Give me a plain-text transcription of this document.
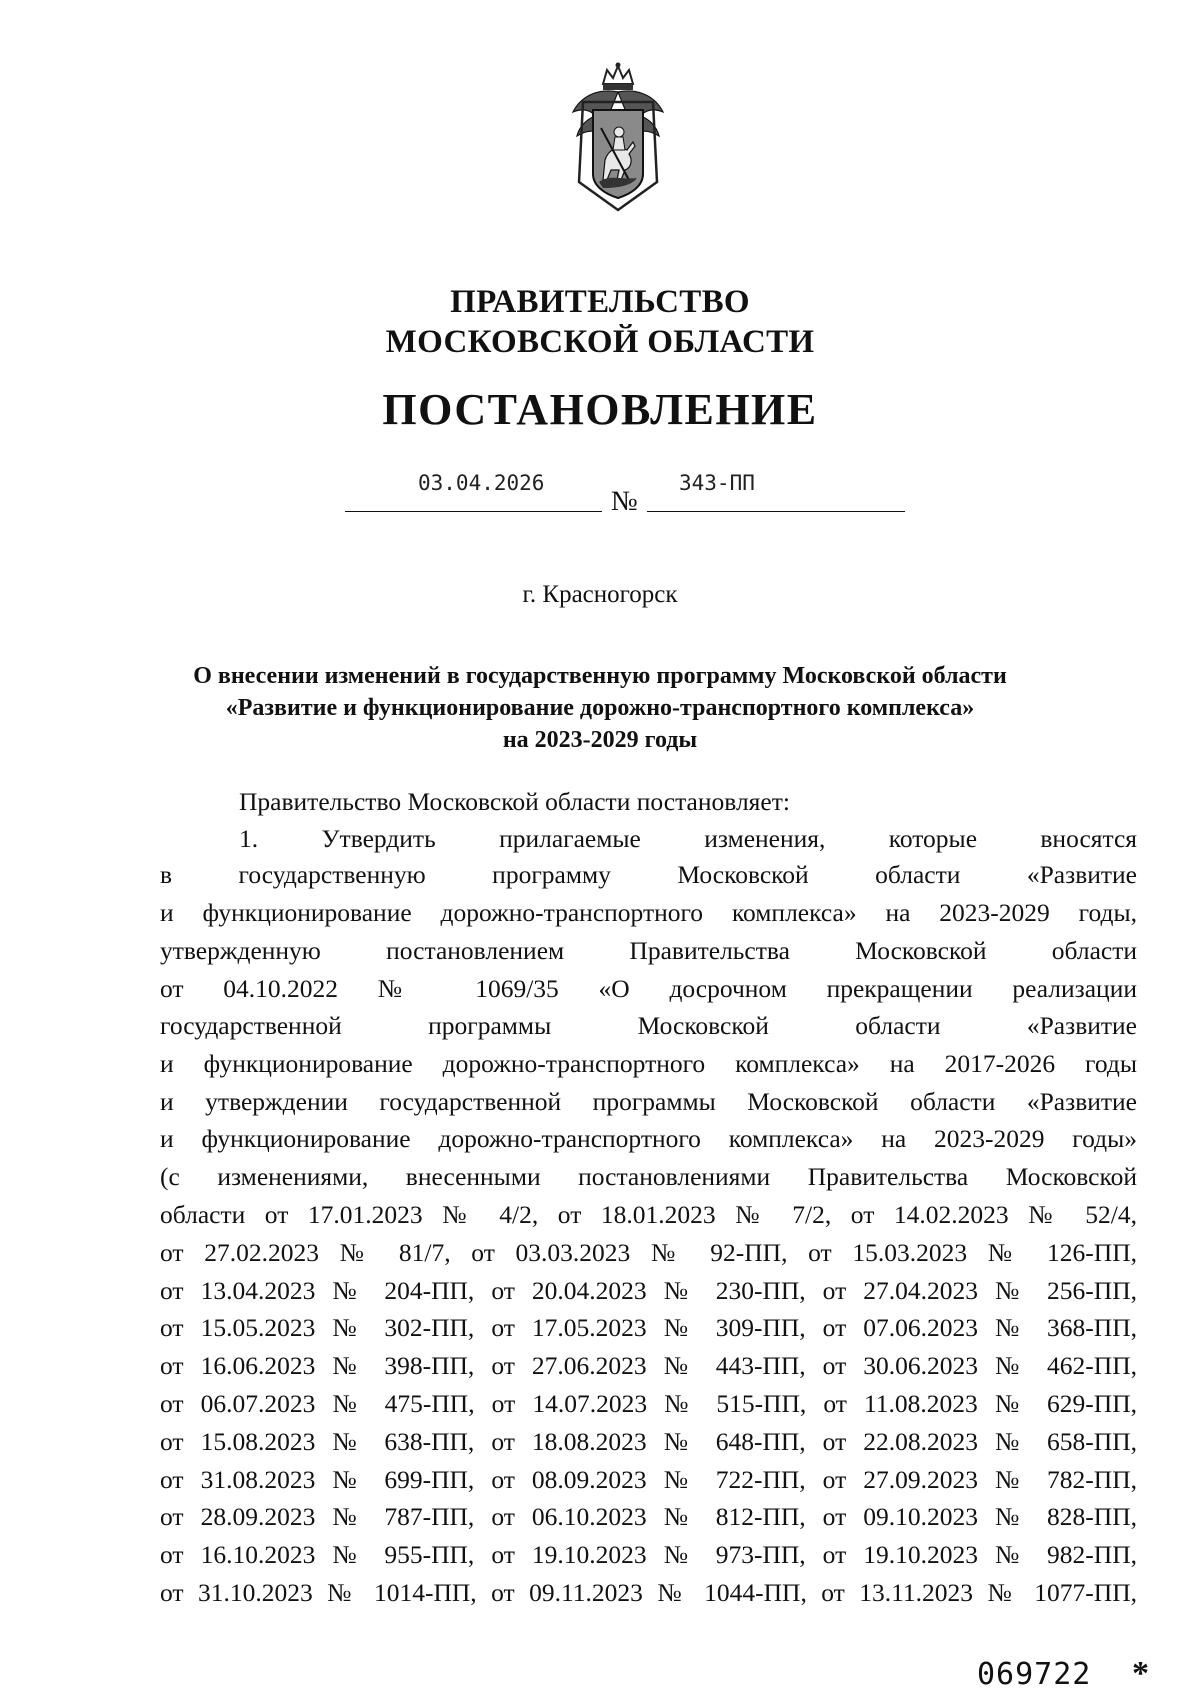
ПРАВИТЕЛЬСТВО
МОСКОВСКОЙ ОБЛАСТИ
ПОСТАНОВЛЕНИЕ
03.04.2026
№
343-ПП
г. Красногорск
О внесении изменений в государственную программу Московской области
«Развитие и функционирование дорожно-транспортного комплекса»
на 2023-2029 годы
Правительство Московской области постановляет:
1. Утвердить прилагаемые изменения, которые вносятся
в государственную программу Московской области «Развитие
и функционирование дорожно-транспортного комплекса» на 2023-2029 годы,
утвержденную постановлением Правительства Московской области
от 04.10.2022 № 1069/35 «О досрочном прекращении реализации
государственной программы Московской области «Развитие
и функционирование дорожно-транспортного комплекса» на 2017-2026 годы
и утверждении государственной программы Московской области «Развитие
и функционирование дорожно-транспортного комплекса» на 2023-2029 годы»
(с изменениями, внесенными постановлениями Правительства Московской
области от 17.01.2023 № 4/2, от 18.01.2023 № 7/2, от 14.02.2023 № 52/4,
от 27.02.2023 № 81/7, от 03.03.2023 № 92-ПП, от 15.03.2023 № 126-ПП,
от 13.04.2023 № 204-ПП, от 20.04.2023 № 230-ПП, от 27.04.2023 № 256-ПП,
от 15.05.2023 № 302-ПП, от 17.05.2023 № 309-ПП, от 07.06.2023 № 368-ПП,
от 16.06.2023 № 398-ПП, от 27.06.2023 № 443-ПП, от 30.06.2023 № 462-ПП,
от 06.07.2023 № 475-ПП, от 14.07.2023 № 515-ПП, от 11.08.2023 № 629-ПП,
от 15.08.2023 № 638-ПП, от 18.08.2023 № 648-ПП, от 22.08.2023 № 658-ПП,
от 31.08.2023 № 699-ПП, от 08.09.2023 № 722-ПП, от 27.09.2023 № 782-ПП,
от 28.09.2023 № 787-ПП, от 06.10.2023 № 812-ПП, от 09.10.2023 № 828-ПП,
от 16.10.2023 № 955-ПП, от 19.10.2023 № 973-ПП, от 19.10.2023 № 982-ПП,
от 31.10.2023 № 1014-ПП, от 09.11.2023 № 1044-ПП, от 13.11.2023 № 1077-ПП,
069722 *
